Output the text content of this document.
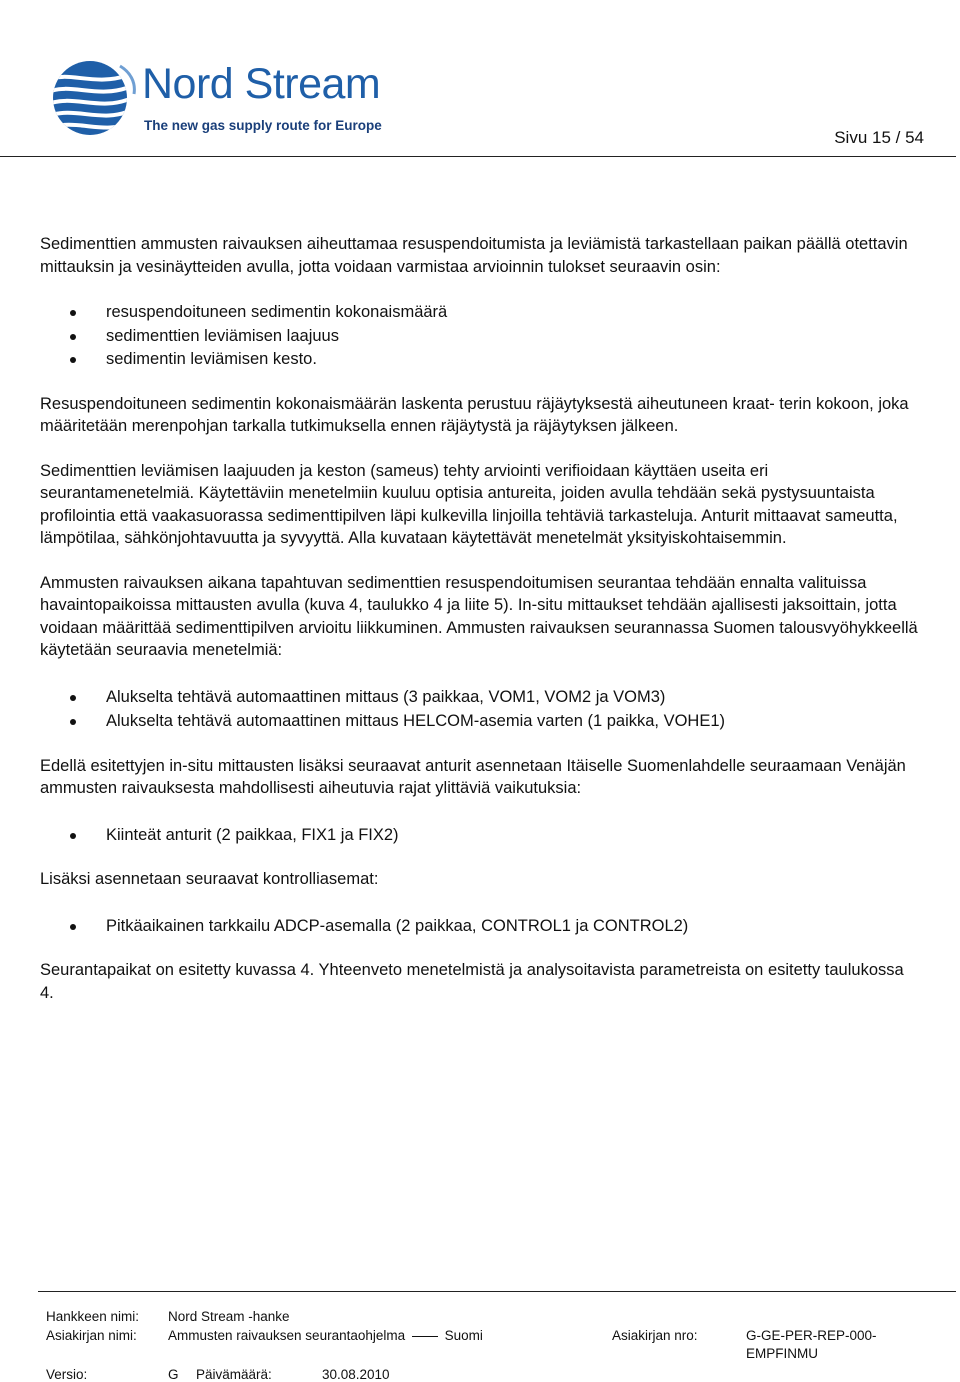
Nord Stream
The new gas supply route for Europe
Sivu 15 / 54

Sedimenttien ammusten raivauksen aiheuttamaa resuspendoitumista ja leviämistä tarkastellaan paikan päällä otettavin mittauksin ja vesinäytteiden avulla, jotta voidaan varmistaa arvioinnin tulokset seuraavin osin:

resuspendoituneen sedimentin kokonaismäärä
sedimenttien leviämisen laajuus
sedimentin leviämisen kesto.

Resuspendoituneen sedimentin kokonaismäärän laskenta perustuu räjäytyksestä aiheutuneen kraat- terin kokoon, joka määritetään merenpohjan tarkalla tutkimuksella ennen räjäytystä ja räjäytyksen jälkeen.

Sedimenttien leviämisen laajuuden ja keston (sameus) tehty arviointi verifioidaan käyttäen useita eri seurantamenetelmiä. Käytettäviin menetelmiin kuuluu optisia antureita, joiden avulla tehdään sekä pystysuuntaista profilointia että vaakasuorassa sedimenttipilven läpi kulkevilla linjoilla tehtäviä tarkasteluja. Anturit mittaavat sameutta, lämpötilaa, sähkönjohtavuutta ja syvyyttä. Alla kuvataan käytettävät menetelmät yksityiskohtaisemmin.

Ammusten raivauksen aikana tapahtuvan sedimenttien resuspendoitumisen seurantaa tehdään ennalta valituissa havaintopaikoissa mittausten avulla (kuva 4, taulukko 4 ja liite 5). In-situ mittaukset tehdään ajallisesti jaksoittain, jotta voidaan määrittää sedimenttipilven arvioitu liikkuminen. Ammusten raivauksen seurannassa Suomen talousvyöhykkeellä käytetään seuraavia menetelmiä:

Alukselta tehtävä automaattinen mittaus (3 paikkaa, VOM1, VOM2 ja VOM3)
Alukselta tehtävä automaattinen mittaus HELCOM-asemia varten (1 paikka, VOHE1)

Edellä esitettyjen in-situ mittausten lisäksi seuraavat anturit asennetaan Itäiselle Suomenlahdelle seuraamaan Venäjän ammusten raivauksesta mahdollisesti aiheutuvia rajat ylittäviä vaikutuksia:

Kiinteät anturit (2 paikkaa, FIX1 ja FIX2)

Lisäksi asennetaan seuraavat kontrolliasemat:

Pitkäaikainen tarkkailu ADCP-asemalla (2 paikkaa, CONTROL1 ja CONTROL2)

Seurantapaikat on esitetty kuvassa 4. Yhteenveto menetelmistä ja analysoitavista parametreista on esitetty taulukossa 4.

Hankkeen nimi: Nord Stream -hanke
Asiakirjan nimi: Ammusten raivauksen seurantaohjelma	Suomi	Asiakirjan nro:	G-GE-PER-REP-000-
EMPFINMU
Versio:	G Päivämäärä:	30.08.2010
